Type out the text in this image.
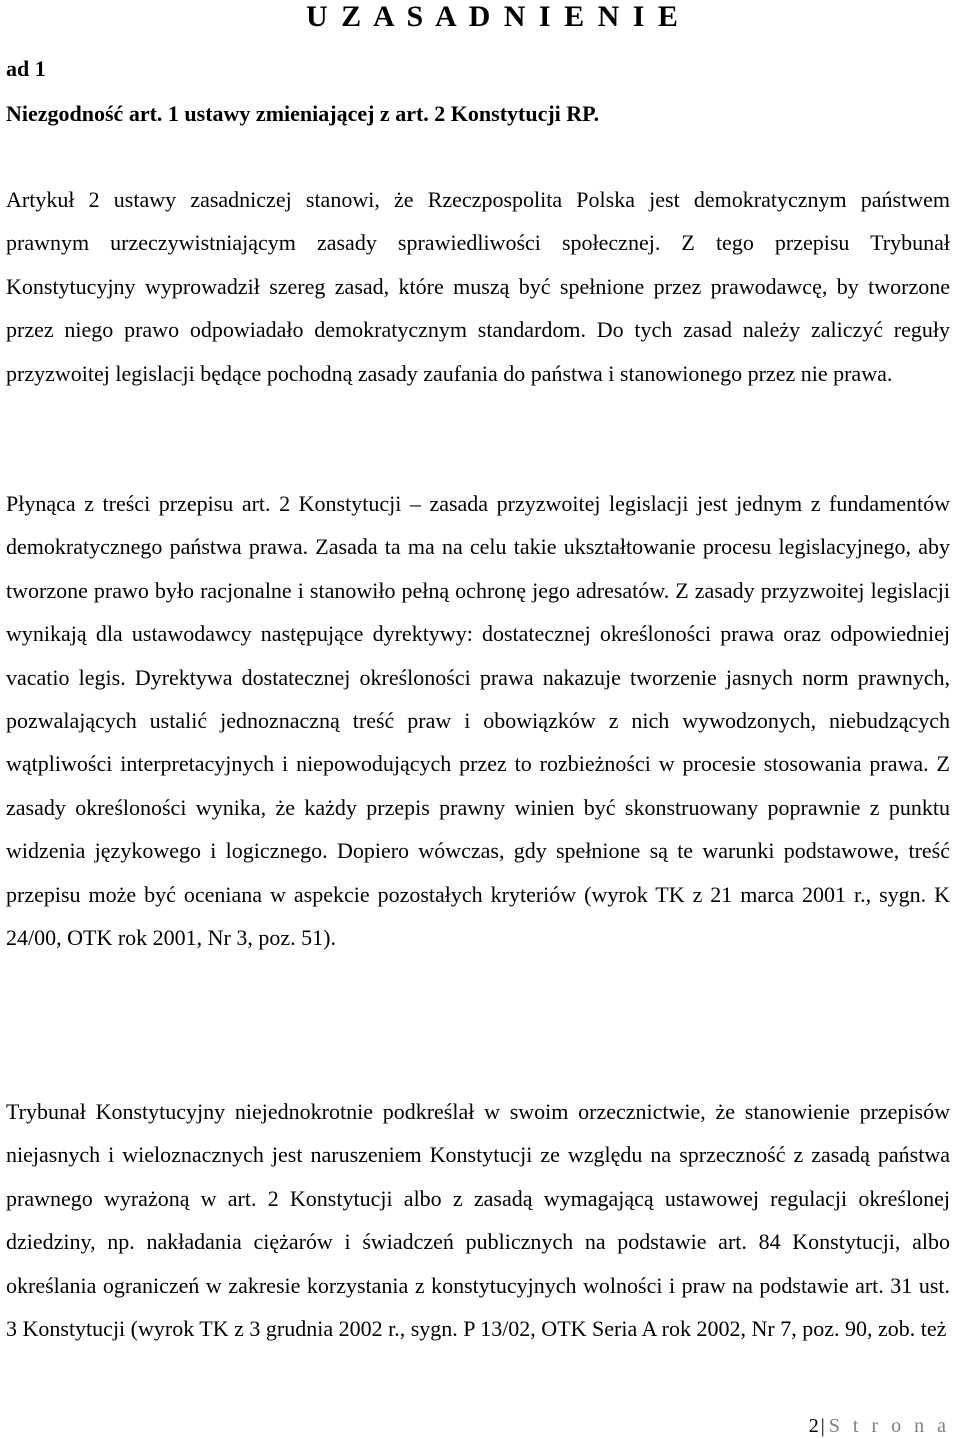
U Z A S A D N I E N I E
ad 1
Niezgodność art. 1 ustawy zmieniającej z art. 2 Konstytucji RP.

Artykuł 2 ustawy zasadniczej stanowi, że Rzeczpospolita Polska jest demokratycznym państwem prawnym urzeczywistniającym zasady sprawiedliwości społecznej. Z tego przepisu Trybunał Konstytucyjny wyprowadził szereg zasad, które muszą być spełnione przez prawodawcę, by tworzone przez niego prawo odpowiadało demokratycznym standardom. Do tych zasad należy zaliczyć reguły przyzwoitej legislacji będące pochodną zasady zaufania do państwa i stanowionego przez nie prawa.

Płynąca z treści przepisu art. 2 Konstytucji – zasada przyzwoitej legislacji jest jednym z fundamentów demokratycznego państwa prawa. Zasada ta ma na celu takie ukształtowanie procesu legislacyjnego, aby tworzone prawo było racjonalne i stanowiło pełną ochronę jego adresatów. Z zasady przyzwoitej legislacji wynikają dla ustawodawcy następujące dyrektywy: dostatecznej określoności prawa oraz odpowiedniej vacatio legis. Dyrektywa dostatecznej określoności prawa nakazuje tworzenie jasnych norm prawnych, pozwalających ustalić jednoznaczną treść praw i obowiązków z nich wywodzonych, niebudzących wątpliwości interpretacyjnych i niepowodujących przez to rozbieżności w procesie stosowania prawa. Z zasady określoności wynika, że każdy przepis prawny winien być skonstruowany poprawnie z punktu widzenia językowego i logicznego. Dopiero wówczas, gdy spełnione są te warunki podstawowe, treść przepisu może być oceniana w aspekcie pozostałych kryteriów (wyrok TK z 21 marca 2001 r., sygn. K 24/00, OTK rok 2001, Nr 3, poz. 51).

Trybunał Konstytucyjny niejednokrotnie podkreślał w swoim orzecznictwie, że stanowienie przepisów niejasnych i wieloznacznych jest naruszeniem Konstytucji ze względu na sprzeczność z zasadą państwa prawnego wyrażoną w art. 2 Konstytucji albo z zasadą wymagającą ustawowej regulacji określonej dziedziny, np. nakładania ciężarów i świadczeń publicznych na podstawie art. 84 Konstytucji, albo określania ograniczeń w zakresie korzystania z konstytucyjnych wolności i praw na podstawie art. 31 ust. 3 Konstytucji (wyrok TK z 3 grudnia 2002 r., sygn. P 13/02, OTK Seria A rok 2002, Nr 7, poz. 90, zob. też

2 | S t r o n a
